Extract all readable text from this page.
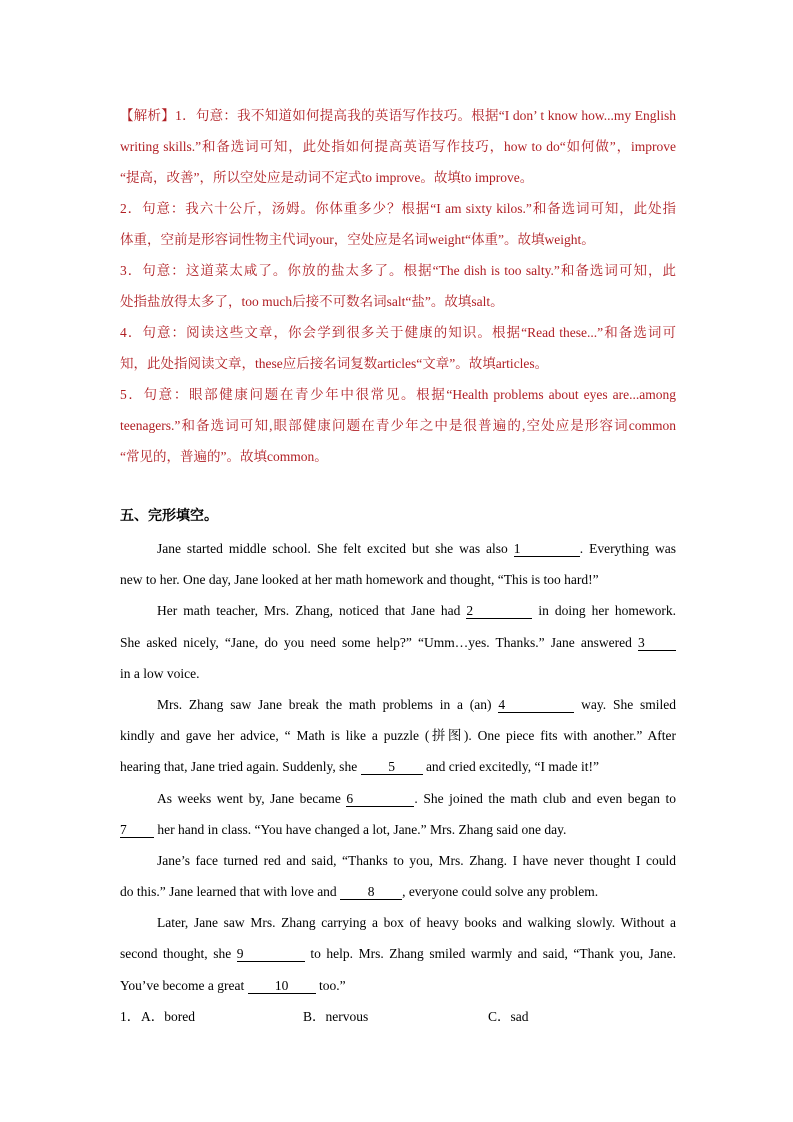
【解析】1．句意：我不知道如何提高我的英语写作技巧。根据“I don’ t know how...my English
writing skills.”和备选词可知，此处指如何提高英语写作技巧，how to do“如何做”，improve
“提高，改善”，所以空处应是动词不定式to improve。故填to improve。
2．句意：我六十公斤，汤姆。你体重多少？根据“I am sixty kilos.”和备选词可知，此处指
体重，空前是形容词性物主代词your，空处应是名词weight“体重”。故填weight。
3．句意：这道菜太咸了。你放的盐太多了。根据“The dish is too salty.”和备选词可知，此
处指盐放得太多了，too much后接不可数名词salt“盐”。故填salt。
4．句意：阅读这些文章，你会学到很多关于健康的知识。根据“Read these...”和备选词可
知，此处指阅读文章，these应后接名词复数articles“文章”。故填articles。
5．句意：眼部健康问题在青少年中很常见。根据“Health problems about eyes are...among
teenagers.”和备选词可知,眼部健康问题在青少年之中是很普遍的,空处应是形容词common
“常见的，普遍的”。故填common。
五、完形填空。
Jane started middle school. She felt excited but she was also 1	. Everything was
new to her. One day, Jane looked at her math homework and thought, “This is too hard!”
Her math teacher, Mrs. Zhang, noticed that Jane had 2	in doing her homework.
She asked nicely, “Jane, do you need some help?” “Umm…yes. Thanks.” Jane answered 3
in a low voice.
Mrs. Zhang saw Jane break the math problems in a (an) 4	way. She smiled
kindly and gave her advice, “ Math is like a puzzle (拼图). One piece fits with another.” After
hearing that, Jane tried again. Suddenly, she 5 and cried excitedly, “I made it!”
As weeks went by, Jane became 6	. She joined the math club and even began to
7 her hand in class. “You have changed a lot, Jane.” Mrs. Zhang said one day.
Jane’s face turned red and said, “Thanks to you, Mrs. Zhang. I have never thought I could
do this.” Jane learned that with love and 8 , everyone could solve any problem.
Later, Jane saw Mrs. Zhang carrying a box of heavy books and walking slowly. Without a
second thought, she 9	to help. Mrs. Zhang smiled warmly and said, “Thank you, Jane.
You’ve become a great 10 too.”
1． A．bored	B．nervous	C．sad
